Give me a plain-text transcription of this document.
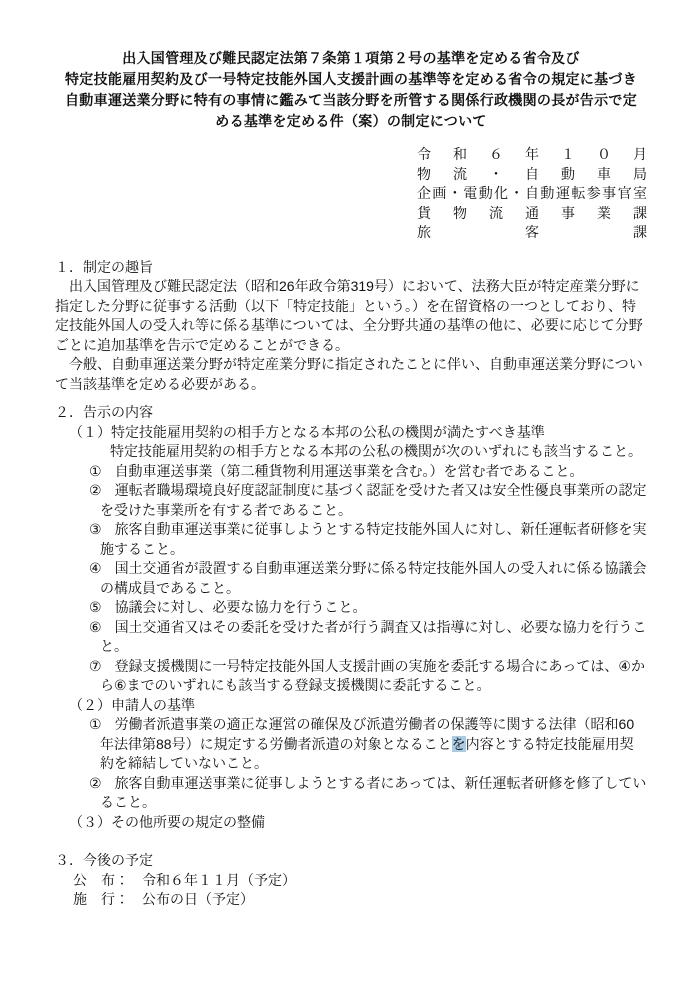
出入国管理及び難民認定法第７条第１項第２号の基準を定める省令及び
特定技能雇用契約及び一号特定技能外国人支援計画の基準等を定める省令の規定に基づき
自動車運送業分野に特有の事情に鑑みて当該分野を所管する関係行政機関の長が告示で定
める基準を定める件（案）の制定について
令和６年１０月
物流・自動車局
企画・電動化・自動運転参事官室
貨物流通事業課
旅客課
１．制定の趣旨

出入国管理及び難民認定法（昭和26年政令第319号）において、法務大臣が特定産業分野に指定した分野に従事する活動（以下「特定技能」という。）を在留資格の一つとしており、特定技能外国人の受入れ等に係る基準については、全分野共通の基準の他に、必要に応じて分野ごとに追加基準を告示で定めることができる。

今般、自動車運送業分野が特定産業分野に指定されたことに伴い、自動車運送業分野について当該基準を定める必要がある。

２．告示の内容
（１）特定技能雇用契約の相手方となる本邦の公私の機関が満たすべき基準
特定技能雇用契約の相手方となる本邦の公私の機関が次のいずれにも該当すること。
① 自動車運送事業（第二種貨物利用運送事業を含む。）を営む者であること。
② 運転者職場環境良好度認証制度に基づく認証を受けた者又は安全性優良事業所の認定を受けた事業所を有する者であること。
③ 旅客自動車運送事業に従事しようとする特定技能外国人に対し、新任運転者研修を実施すること。
④ 国土交通省が設置する自動車運送業分野に係る特定技能外国人の受入れに係る協議会の構成員であること。
⑤ 協議会に対し、必要な協力を行うこと。
⑥ 国土交通省又はその委託を受けた者が行う調査又は指導に対し、必要な協力を行うこと。
⑦ 登録支援機関に一号特定技能外国人支援計画の実施を委託する場合にあっては、④から⑥までのいずれにも該当する登録支援機関に委託すること。
（２）申請人の基準
① 労働者派遣事業の適正な運営の確保及び派遣労働者の保護等に関する法律（昭和60年法律第88号）に規定する労働者派遣の対象となることを内容とする特定技能雇用契約を締結していないこと。
② 旅客自動車運送事業に従事しようとする者にあっては、新任運転者研修を修了していること。
（３）その他所要の規定の整備
３．今後の予定
公　布： 令和６年１１月（予定）
施　行： 公布の日（予定）
